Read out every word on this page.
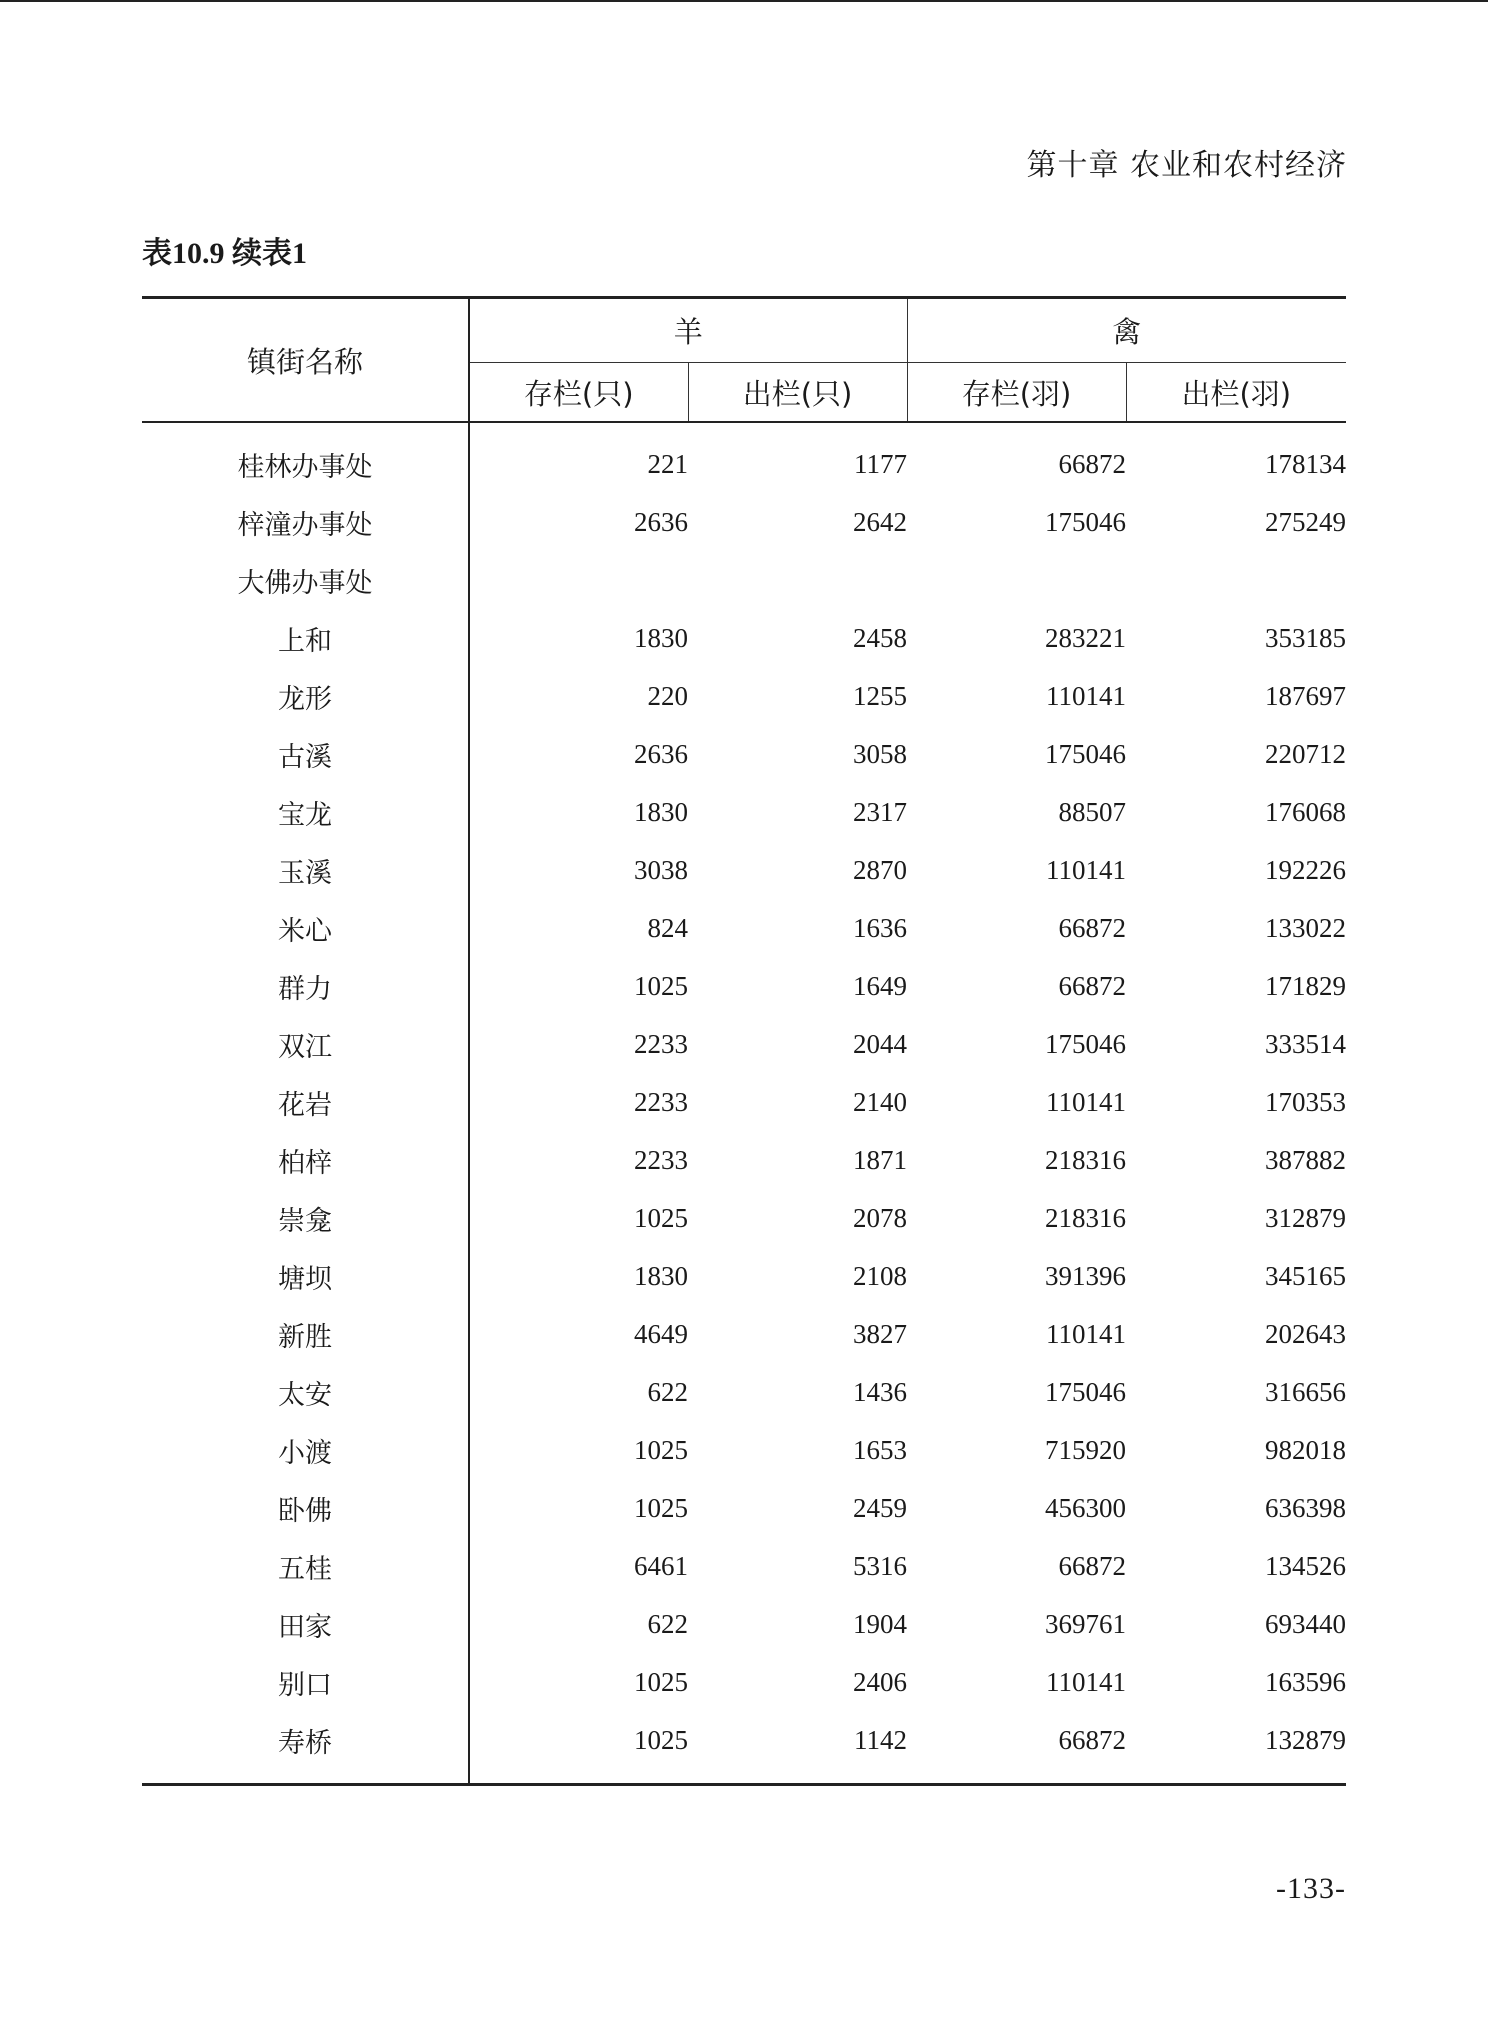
第十章 农业和农村经济
表10.9 续表1
镇街名称	羊		禽	
	存栏(只)	出栏(只)	存栏(羽)	出栏(羽)

桂林办事处	221	1177	66872	178134
梓潼办事处	2636	2642	175046	275249
大佛办事处				
上和	1830	2458	283221	353185
龙形	220	1255	110141	187697
古溪	2636	3058	175046	220712
宝龙	1830	2317	88507	176068
玉溪	3038	2870	110141	192226
米心	824	1636	66872	133022
群力	1025	1649	66872	171829
双江	2233	2044	175046	333514
花岩	2233	2140	110141	170353
柏梓	2233	1871	218316	387882
崇龛	1025	2078	218316	312879
塘坝	1830	2108	391396	345165
新胜	4649	3827	110141	202643
太安	622	1436	175046	316656
小渡	1025	1653	715920	982018
卧佛	1025	2459	456300	636398
五桂	6461	5316	66872	134526
田家	622	1904	369761	693440
别口	1025	2406	110141	163596
寿桥	1025	1142	66872	132879

-133-
